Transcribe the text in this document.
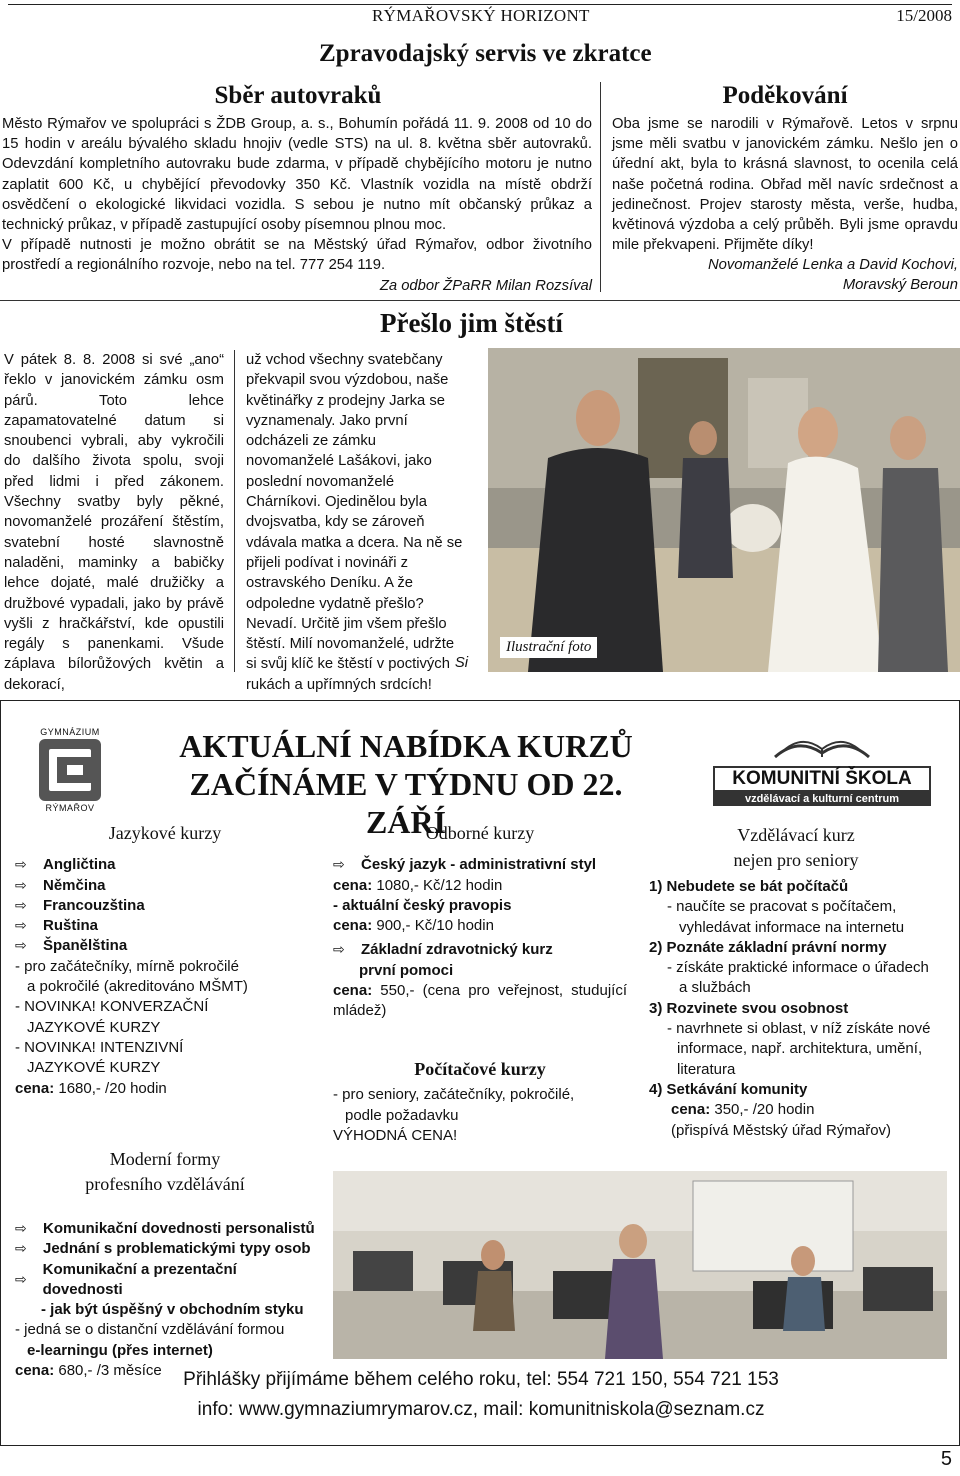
RÝMAŘOVSKÝ HORIZONT	15/2008
Zpravodajský servis ve zkratce
Sběr autovraků

Město Rýmařov ve spolupráci s ŽDB Group, a. s., Bohumín pořádá 11. 9. 2008 od 10 do 15 hodin v areálu bývalého skladu hnojiv (vedle STS) na ul. 8. května sběr autovraků. Odevzdání kompletního autovraku bude zdarma, v případě chybějícího motoru je nutno zaplatit 600 Kč, u chybějící převodovky 350 Kč. Vlastník vozidla na místě obdrží osvědčení o ekologické likvidaci vozidla. S sebou je nutno mít občanský průkaz a technický průkaz, v případě zastupující osoby písemnou plnou moc.

V případě nutnosti je možno obrátit se na Městský úřad Rýmařov, odbor životního prostředí a regionálního rozvoje, nebo na tel. 777 254 119.

Za odbor ŽPaRR Milan Rozsíval
Poděkování

Oba jsme se narodili v Rýmařově. Letos v srpnu jsme měli svatbu v janovickém zámku. Nešlo jen o úřední akt, byla to krásná slavnost, to ocenila celá naše početná rodina. Obřad měl navíc srdečnost a jedinečnost. Projev starosty města, verše, hudba, květinová výzdoba a celý průběh. Byli jsme opravdu mile překvapeni. Přijměte díky!

Novomanželé Lenka a David Kochovi,
Moravský Beroun
Přešlo jim štěstí

V pátek 8. 8. 2008 si své „ano“ řeklo v janovickém zámku osm párů. Toto lehce zapamatovatelné datum si snoubenci vybrali, aby vykročili do dalšího života spolu, svoji před lidmi i před zákonem. Všechny svatby byly pěkné, novomanželé prozáření štěstím, svatební hosté slavnostně naladěni, maminky a babičky lehce dojaté, malé družičky a družbové vypadali, jako by právě vyšli z hračkářství, kde opustili regály s panenkami. Všude záplava bílorůžových květin a dekorací,

už vchod všechny svatebčany překvapil svou výzdobou, naše květinářky z prodejny Jarka se vyznamenaly. Jako první odcházeli ze zámku novomanželé Lašákovi, jako poslední novomanželé Chárníkovi. Ojedinělou byla dvojsvatba, kdy se zároveň vdávala matka a dcera. Na ně se přijeli podívat i novináři z ostravského Deníku. A že odpoledne vydatně přešlo? Nevadí. Určitě jim všem přešlo štěstí. Milí novomanželé, udržte si svůj klíč ke štěstí v poctivých rukách a upřímných srdcích!

Si
Ilustrační foto
GYMNÁZIUM
RÝMAŘOV
AKTUÁLNÍ NABÍDKA KURZŮ
ZAČÍNÁME V TÝDNU OD 22. ZÁŘÍ
KOMUNITNÍ ŠKOLA
vzdělávací a kulturní centrum
Jazykové kurzy
⇨	Angličtina
⇨	Němčina
⇨	Francouzština
⇨	Ruština
⇨	Španělština
- pro začátečníky, mírně pokročilé
a pokročilé (akreditováno MŠMT)
- NOVINKA! KONVERZAČNÍ
JAZYKOVÉ KURZY
- NOVINKA! INTENZIVNÍ
JAZYKOVÉ KURZY
cena: 1680,- /20 hodin
Moderní formy
profesního vzdělávání
⇨	Komunikační dovednosti personalistů
⇨	Jednání s problematickými typy osob
⇨
Komunikační a prezentační dovednosti
- jak být úspěšný v obchodním styku
- jedná se o distanční vzdělávání formou
e-learningu (přes internet)
cena: 680,- /3 měsíce
Odborné kurzy
⇨	Český jazyk - administrativní styl
cena: 1080,- Kč/12 hodin
- aktuální český pravopis
cena: 900,- Kč/10 hodin
⇨	Základní zdravotnický kurz
první pomoci
cena: 550,- (cena pro veřejnost, studující mládež)
Počítačové kurzy
- pro seniory, začátečníky, pokročilé,
podle požadavku
VÝHODNÁ CENA!
Vzdělávací kurz
nejen pro seniory
1) Nebudete se bát počítačů
- naučíte se pracovat s počítačem,
vyhledávat informace na internetu
2) Poznáte základní právní normy
- získáte praktické informace o úřadech
a službách
3) Rozvinete svou osobnost
- navrhnete si oblast, v níž získáte nové
informace, např. architektura, umění,
literatura
4) Setkávání komunity
cena: 350,- /20 hodin
(přispívá Městský úřad Rýmařov)
Přihlášky přijímáme během celého roku, tel: 554 721 150, 554 721 153
info: www.gymnaziumrymarov.cz, mail: komunitniskola@seznam.cz
5
